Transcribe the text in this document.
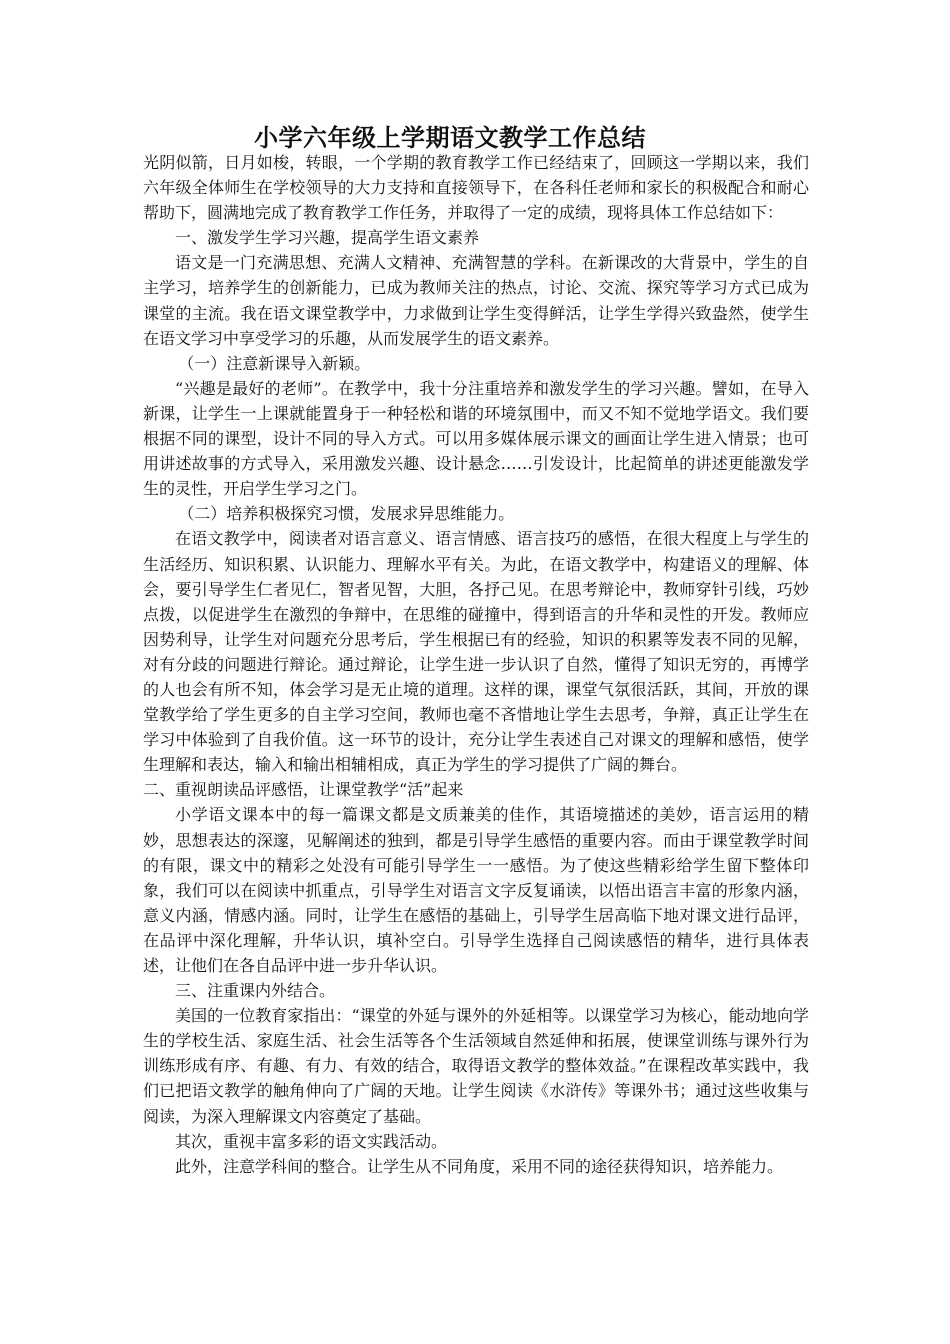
小学六年级上学期语文教学工作总结

光阴似箭，日月如梭，转眼，一个学期的教育教学工作已经结束了，回顾这一学期以来，我们六年级全体师生在学校领导的大力支持和直接领导下，在各科任老师和家长的积极配合和耐心帮助下，圆满地完成了教育教学工作任务，并取得了一定的成绩，现将具体工作总结如下：

一、激发学生学习兴趣，提高学生语文素养

语文是一门充满思想、充满人文精神、充满智慧的学科。在新课改的大背景中，学生的自主学习，培养学生的创新能力，已成为教师关注的热点，讨论、交流、探究等学习方式已成为课堂的主流。我在语文课堂教学中，力求做到让学生变得鲜活，让学生学得兴致盎然，使学生在语文学习中享受学习的乐趣，从而发展学生的语文素养。

（一）注意新课导入新颖。

“兴趣是最好的老师”。在教学中，我十分注重培养和激发学生的学习兴趣。譬如，在导入新课，让学生一上课就能置身于一种轻松和谐的环境氛围中，而又不知不觉地学语文。我们要根据不同的课型，设计不同的导入方式。可以用多媒体展示课文的画面让学生进入情景；也可用讲述故事的方式导入，采用激发兴趣、设计悬念……引发设计，比起简单的讲述更能激发学生的灵性，开启学生学习之门。

（二）培养积极探究习惯，发展求异思维能力。

在语文教学中，阅读者对语言意义、语言情感、语言技巧的感悟，在很大程度上与学生的生活经历、知识积累、认识能力、理解水平有关。为此，在语文教学中，构建语义的理解、体会，要引导学生仁者见仁，智者见智，大胆，各抒己见。在思考辩论中，教师穿针引线，巧妙点拨，以促进学生在激烈的争辩中，在思维的碰撞中，得到语言的升华和灵性的开发。教师应因势利导，让学生对问题充分思考后，学生根据已有的经验，知识的积累等发表不同的见解，对有分歧的问题进行辩论。通过辩论，让学生进一步认识了自然，懂得了知识无穷的，再博学的人也会有所不知，体会学习是无止境的道理。这样的课，课堂气氛很活跃，其间，开放的课堂教学给了学生更多的自主学习空间，教师也毫不吝惜地让学生去思考，争辩，真正让学生在学习中体验到了自我价值。这一环节的设计，充分让学生表述自己对课文的理解和感悟，使学生理解和表达，输入和输出相辅相成，真正为学生的学习提供了广阔的舞台。

二、重视朗读品评感悟，让课堂教学“活”起来

小学语文课本中的每一篇课文都是文质兼美的佳作，其语境描述的美妙，语言运用的精妙，思想表达的深邃，见解阐述的独到，都是引导学生感悟的重要内容。而由于课堂教学时间的有限，课文中的精彩之处没有可能引导学生一一感悟。为了使这些精彩给学生留下整体印象，我们可以在阅读中抓重点，引导学生对语言文字反复诵读，以悟出语言丰富的形象内涵，意义内涵，情感内涵。同时，让学生在感悟的基础上，引导学生居高临下地对课文进行品评，在品评中深化理解，升华认识，填补空白。引导学生选择自己阅读感悟的精华，进行具体表述，让他们在各自品评中进一步升华认识。

三、注重课内外结合。

美国的一位教育家指出：“课堂的外延与课外的外延相等。以课堂学习为核心，能动地向学生的学校生活、家庭生活、社会生活等各个生活领域自然延伸和拓展，使课堂训练与课外行为训练形成有序、有趣、有力、有效的结合，取得语文教学的整体效益。”在课程改革实践中，我们已把语文教学的触角伸向了广阔的天地。让学生阅读《水浒传》等课外书；通过这些收集与阅读，为深入理解课文内容奠定了基础。

其次，重视丰富多彩的语文实践活动。

此外，注意学科间的整合。让学生从不同角度，采用不同的途径获得知识，培养能力。
